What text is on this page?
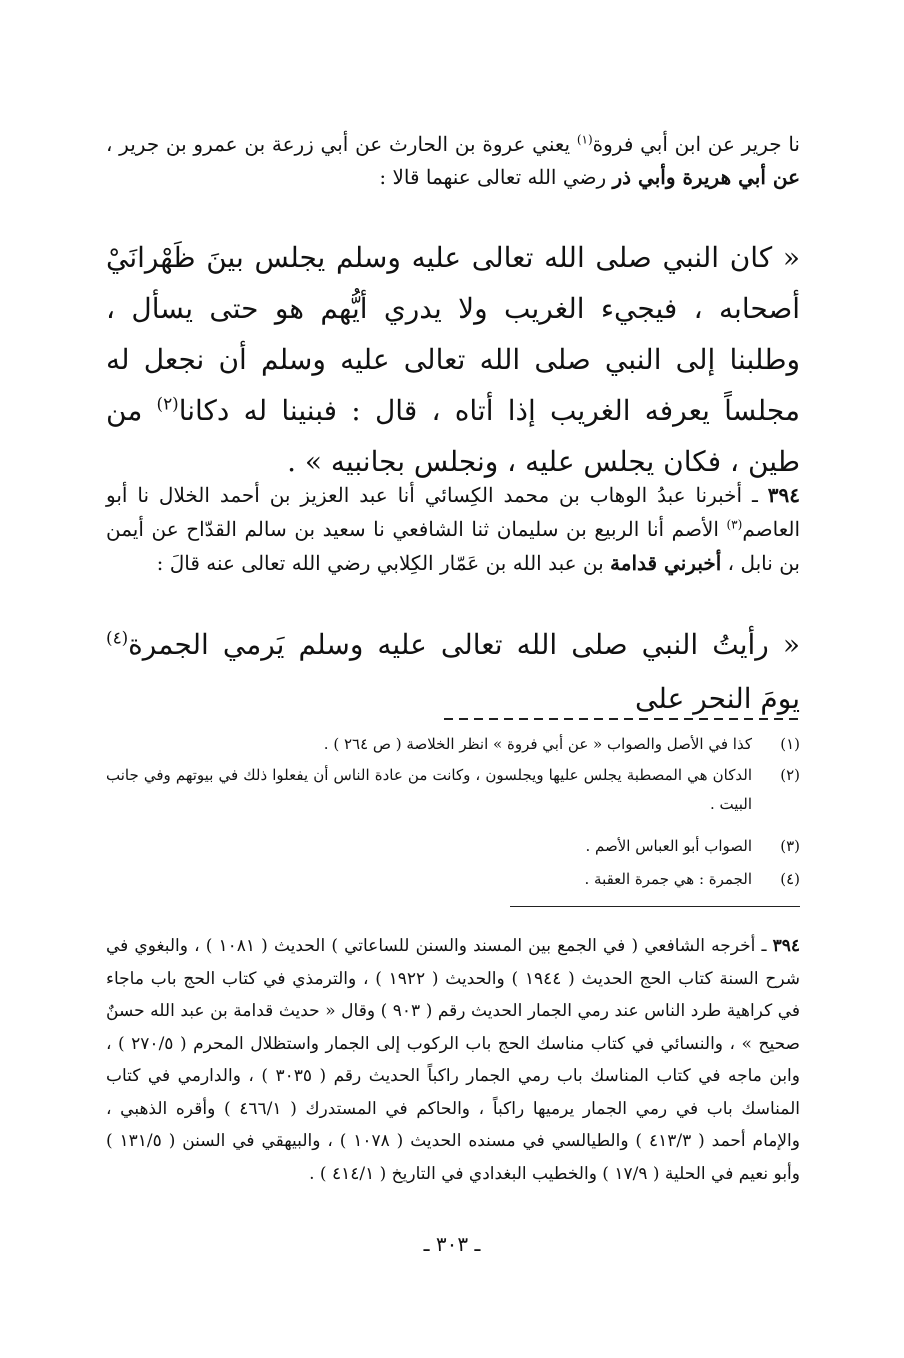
نا جرير عن ابن أبي فروة$^{(١)}$ يعني عروة بن الحارث عن أبي زرعة بن عمرو بن جرير ، عن أبي هريرة وأبي ذر رضي الله تعالى عنهما قالا :
« كان النبي صلى الله تعالى عليه وسلم يجلس بينَ ظَهْرانَيْ أصحابه ، فيجيء الغريب ولا يدري أيُّهم هو حتى يسأل ، وطلبنا إلى النبي صلى الله تعالى عليه وسلم أن نجعل له مجلساً يعرفه الغريب إذا أتاه ، قال : فبنينا له دكانا$^{(٢)}$ من طين ، فكان يجلس عليه ، ونجلس بجانبيه » .
٣٩٤ ـ أخبرنا عبدُ الوهاب بن محمد الكِسائي أنا عبد العزيز بن أحمد الخلال نا أبو العاصم$^{(٣)}$ الأصم أنا الربيع بن سليمان ثنا الشافعي نا سعيد بن سالم القدّاح عن أيمن بن نابل ، أخبرني قدامة بن عبد الله بن عَمّار الكِلابي رضي الله تعالى عنه قالَ :
« رأيتُ النبي صلى الله تعالى عليه وسلم يَرمي الجمرة$^{(٤)}$ يومَ النحر على
(١)
كذا في الأصل والصواب « عن أبي فروة » انظر الخلاصة ( ص ٢٦٤ ) .
(٢)
الدكان هي المصطبة يجلس عليها ويجلسون ، وكانت من عادة الناس أن يفعلوا ذلك في بيوتهم وفي جانب البيت .
(٣)
الصواب أبو العباس الأصم .
(٤)
الجمرة : هي جمرة العقبة .
٣٩٤ ـ أخرجه الشافعي ( في الجمع بين المسند والسنن للساعاتي ) الحديث ( ١٠٨١ ) ، والبغوي في شرح السنة كتاب الحج الحديث ( ١٩٤٤ ) والحديث ( ١٩٢٢ ) ، والترمذي في كتاب الحج باب ماجاء في كراهية طرد الناس عند رمي الجمار الحديث رقم ( ٩٠٣ ) وقال « حديث قدامة بن عبد الله حسنٌ صحيح » ، والنسائي في كتاب مناسك الحج باب الركوب إلى الجمار واستظلال المحرم ( ٢٧٠/٥ ) ، وابن ماجه في كتاب المناسك باب رمي الجمار راكباً الحديث رقم ( ٣٠٣٥ ) ، والدارمي في كتاب المناسك باب في رمي الجمار يرميها راكباً ، والحاكم في المستدرك ( ٤٦٦/١ ) وأقره الذهبي ، والإمام أحمد ( ٤١٣/٣ ) والطيالسي في مسنده الحديث ( ١٠٧٨ ) ، والبيهقي في السنن ( ١٣١/٥ ) وأبو نعيم في الحلية ( ١٧/٩ ) والخطيب البغدادي في التاريخ ( ٤١٤/١ ) .
ـ ٣٠٣ ـ
